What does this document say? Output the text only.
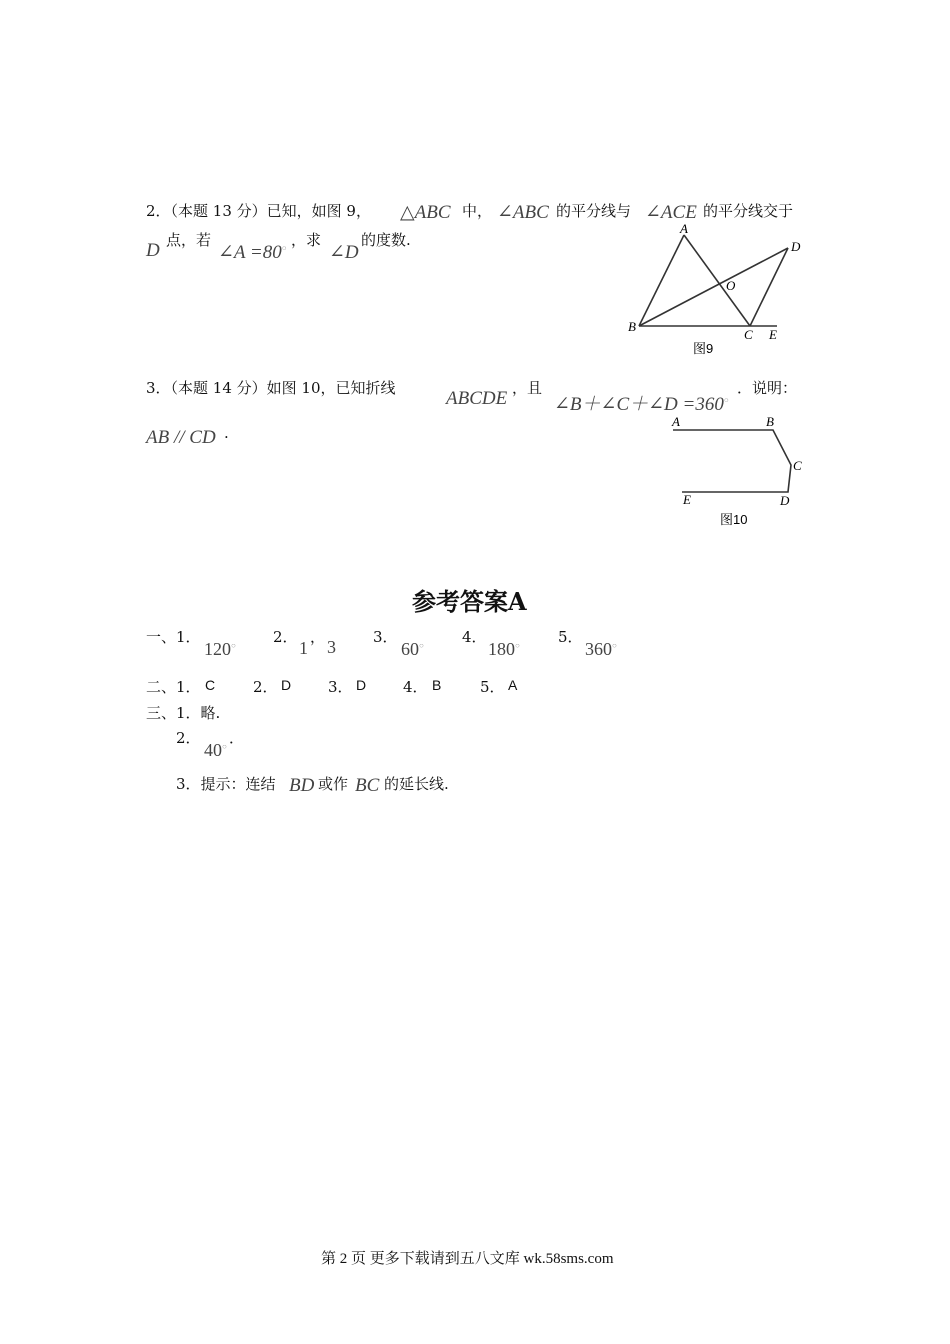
2．（本题 13 分）已知，如图 9， △ABC 中， ∠ABC 的平分线与 ∠ACE 的平分线交于
D 点，若
∠A =80○ ，求
∠D
的度数.
A
B
C
D
E
O
图9
3．（本题 14 分）如图 10，已知折线	ABCDE ，且
∠B＋∠C＋∠D =360○
．说明：
AB // CD ·
A	B
C
D
E
图10
参考答案A
一、1．
120○ 2．
1
， 3 3．
60○	4．
180○	5．
360○
二、1． C	2． D 3． D 4． B	5． A
三、1．略.
2．
40○ ．
3．提示：连结 BD 或作 BC 的延长线.
第 2 页 更多下载请到五八文库 wk.58sms.com
